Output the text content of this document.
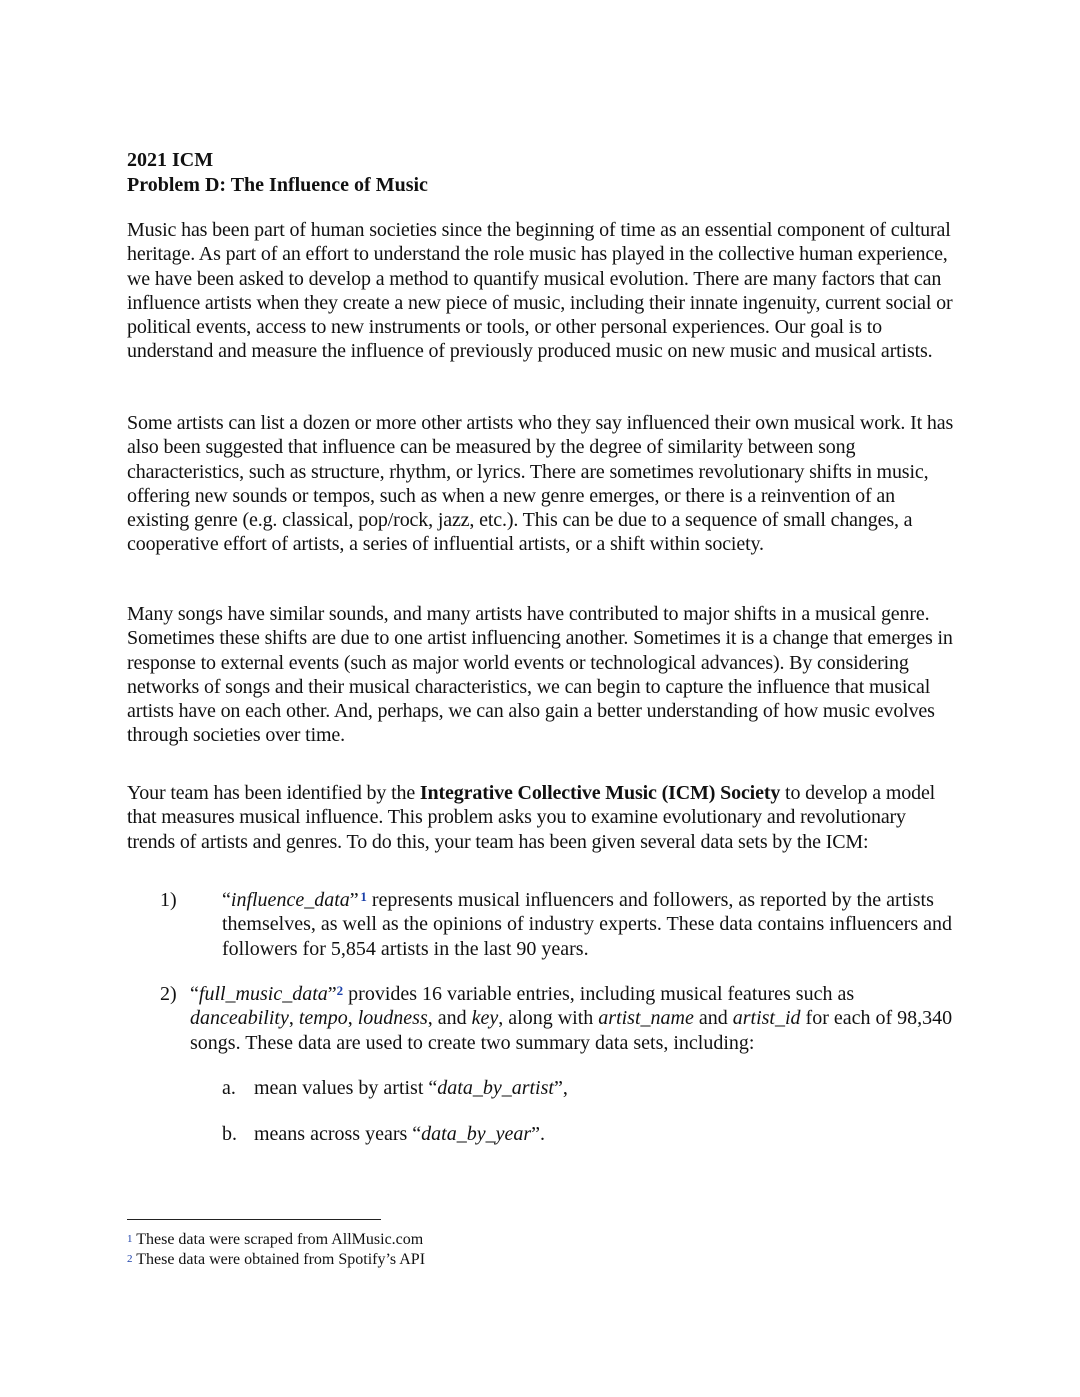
2021 ICM
Problem D: The Influence of Music

Music has been part of human societies since the beginning of time as an essential component of cultural heritage. As part of an effort to understand the role music has played in the collective human experience, we have been asked to develop a method to quantify musical evolution. There are many factors that can influence artists when they create a new piece of music, including their innate ingenuity, current social or political events, access to new instruments or tools, or other personal experiences. Our goal is to understand and measure the influence of previously produced music on new music and musical artists.

Some artists can list a dozen or more other artists who they say influenced their own musical work. It has also been suggested that influence can be measured by the degree of similarity between song characteristics, such as structure, rhythm, or lyrics. There are sometimes revolutionary shifts in music, offering new sounds or tempos, such as when a new genre emerges, or there is a reinvention of an existing genre (e.g. classical, pop/rock, jazz, etc.). This can be due to a sequence of small changes, a cooperative effort of artists, a series of influential artists, or a shift within society.

Many songs have similar sounds, and many artists have contributed to major shifts in a musical genre. Sometimes these shifts are due to one artist influencing another. Sometimes it is a change that emerges in response to external events (such as major world events or technological advances). By considering networks of songs and their musical characteristics, we can begin to capture the influence that musical artists have on each other. And, perhaps, we can also gain a better understanding of how music evolves through societies over time.

Your team has been identified by the Integrative Collective Music (ICM) Society to develop a model that measures musical influence. This problem asks you to examine evolutionary and revolutionary trends of artists and genres. To do this, your team has been given several data sets by the ICM:

1) “influence_data”  $^1$ represents musical influencers and followers, as reported by the artists themselves, as well as the opinions of industry experts. These data contains influencers and followers for 5,854 artists in the last 90 years.
2) “full_music_data”$^2$ provides 16 variable entries, including musical features such as danceability, tempo, loudness, and key, along with artist_name and artist_id for each of 98,340 songs. These data are used to create two summary data sets, including:
a. mean values by artist “data_by_artist”,
b. means across years “data_by_year”.
$^1$ These data were scraped from AllMusic.com
$^2$ These data were obtained from Spotify’s API
